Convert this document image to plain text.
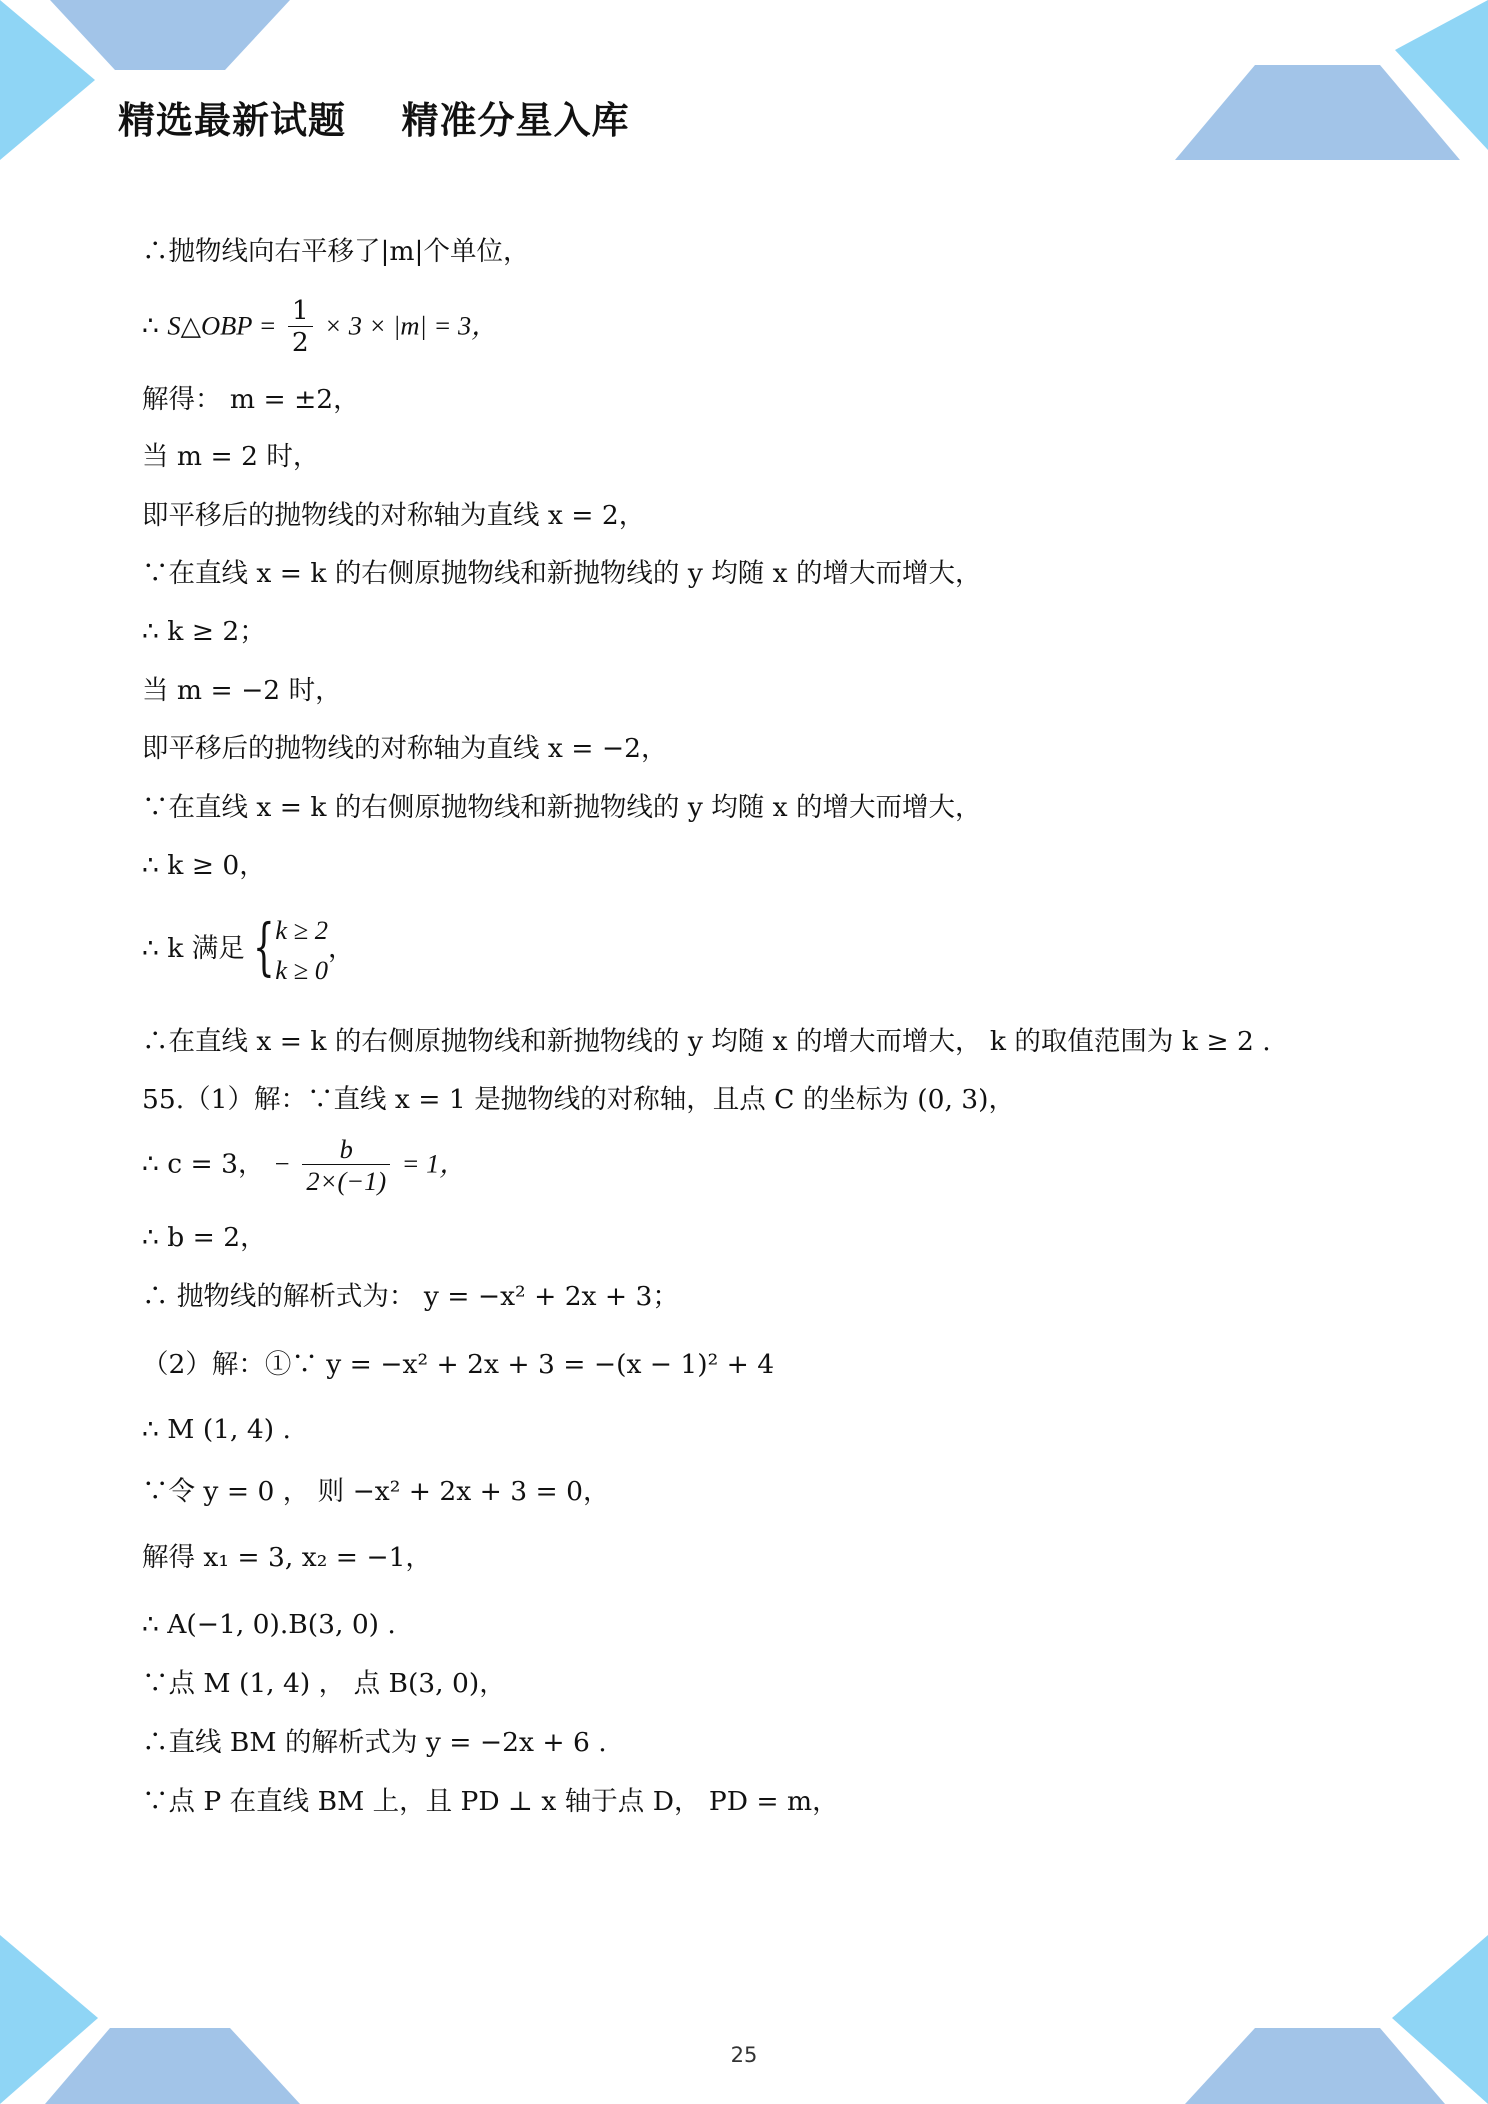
精选最新试题    精准分星入库
∴抛物线向右平移了|m|个单位，
∴ S△OBP = $\frac{1}{2} \times 3 \times |m| = 3$，
解得： m = ±2，
当 m = 2 时，
即平移后的抛物线的对称轴为直线 x = 2，
∵在直线 x = k 的右侧原抛物线和新抛物线的 y 均随 x 的增大而增大，
∴ k ≥ 2；
当 m = −2 时，
即平移后的抛物线的对称轴为直线 x = −2，
∵在直线 x = k 的右侧原抛物线和新抛物线的 y 均随 x 的增大而增大，
∴ k ≥ 0，
∴ k 满足 { k ≥ 2
k ≥ 0
，
∴在直线 x = k 的右侧原抛物线和新抛物线的 y 均随 x 的增大而增大， k 的取值范围为 k ≥ 2 .
55.（1）解：∵直线 x = 1 是抛物线的对称轴，且点 C 的坐标为 (0, 3)，
∴ c = 3， − $\frac{b}{2\times(-1)} = 1$，
∴ b = 2，
∴ 抛物线的解析式为： y = −x² + 2x + 3；
（2）解：①∵ y = −x² + 2x + 3 = −(x − 1)² + 4
∴ M (1, 4) .
∵令 y = 0 ， 则 −x² + 2x + 3 = 0，
解得 x₁ = 3, x₂ = −1，
∴ A(−1, 0).B(3, 0) .
∵点 M (1, 4) ， 点 B(3, 0)，
∴直线 BM 的解析式为 y = −2x + 6 .
∵点 P 在直线 BM 上，且 PD ⊥ x 轴于点 D， PD = m，
25
